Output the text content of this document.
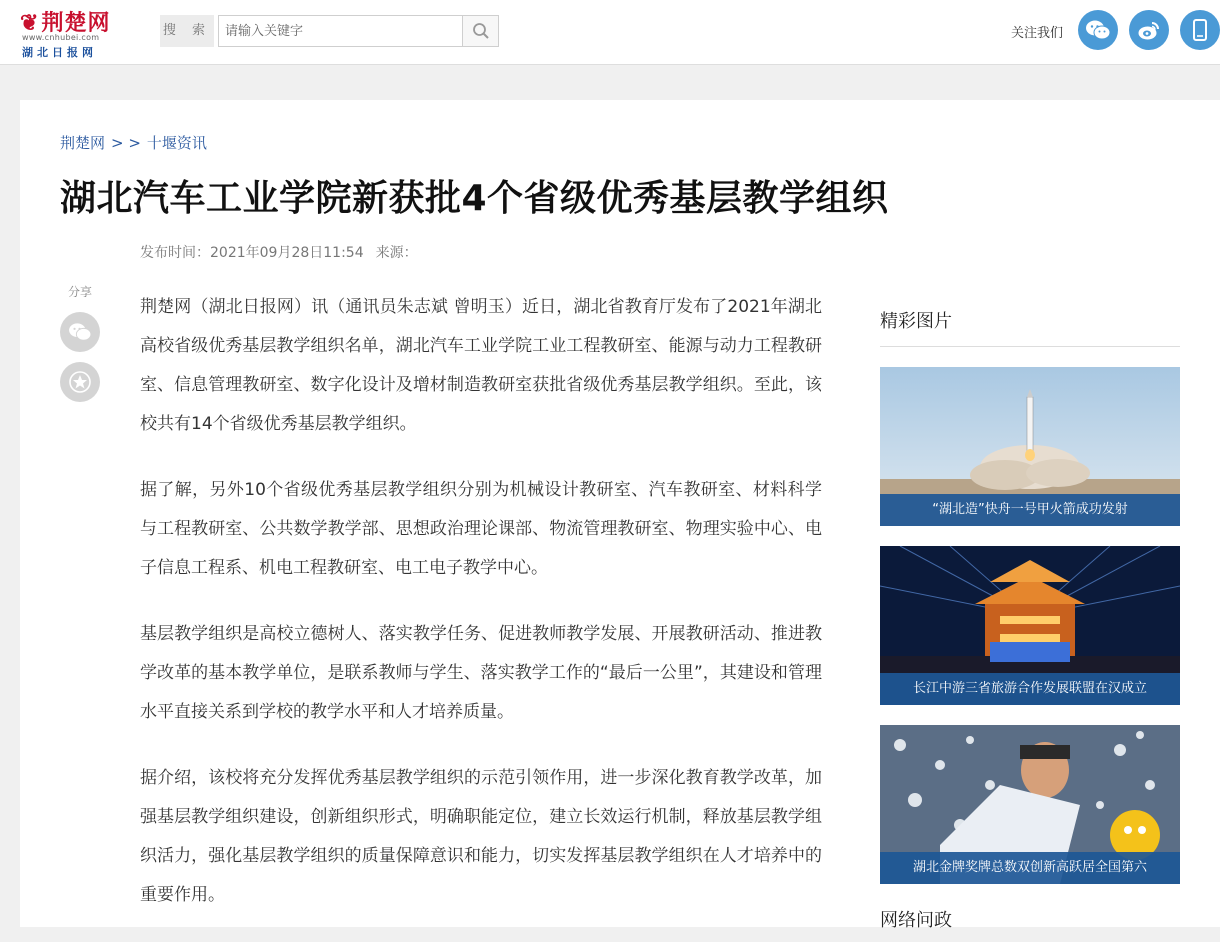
❦荆楚网
www.cnhubei.com
湖北日报网
搜 索
请输入关键字	关注我们
荆楚网 > > 十堰资讯
湖北汽车工业学院新获批4个省级优秀基层教学组织
发布时间：2021年09月28日11:54 来源：
分享

荆楚网（湖北日报网）讯（通讯员朱志斌 曾明玉）近日，湖北省教育厅发布了2021年湖北高校省级优秀基层教学组织名单，湖北汽车工业学院工业工程教研室、能源与动力工程教研室、信息管理教研室、数字化设计及增材制造教研室获批省级优秀基层教学组织。至此，该校共有14个省级优秀基层教学组织。

据了解，另外10个省级优秀基层教学组织分别为机械设计教研室、汽车教研室、材料科学与工程教研室、公共数学教学部、思想政治理论课部、物流管理教研室、物理实验中心、电子信息工程系、机电工程教研室、电工电子教学中心。

基层教学组织是高校立德树人、落实教学任务、促进教师教学发展、开展教研活动、推进教学改革的基本教学单位，是联系教师与学生、落实教学工作的“最后一公里”，其建设和管理水平直接关系到学校的教学水平和人才培养质量。

据介绍，该校将充分发挥优秀基层教学组织的示范引领作用，进一步深化教育教学改革，加强基层教学组织建设，创新组织形式，明确职能定位，建立长效运行机制，释放基层教学组织活力，强化基层教学组织的质量保障意识和能力，切实发挥基层教学组织在人才培养中的重要作用。

精彩图片
“湖北造”快舟一号甲火箭成功发射
长江中游三省旅游合作发展联盟在汉成立
湖北金牌奖牌总数双创新高跃居全国第六
网络问政
